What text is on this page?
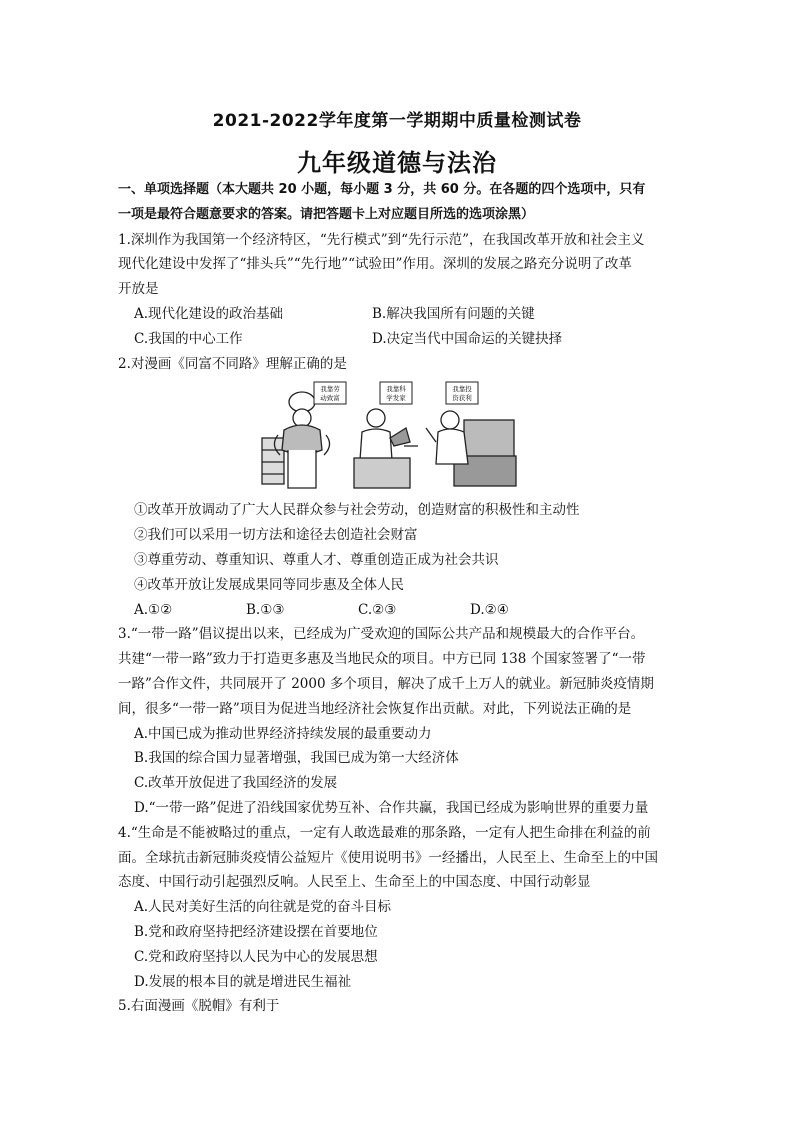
2021-2022学年度第一学期期中质量检测试卷
九年级道德与法治

一、单项选择题（本大题共 20 小题，每小题 3 分，共 60 分。在各题的四个选项中，只有

一项是最符合题意要求的答案。请把答题卡上对应题目所选的选项涂黑）

1.深圳作为我国第一个经济特区，“先行模式”到“先行示范”，在我国改革开放和社会主义

现代化建设中发挥了“排头兵”“先行地”“试验田”作用。深圳的发展之路充分说明了改革

开放是

A.现代化建设的政治基础	B.解决我国所有问题的关键
C.我国的中心工作	D.决定当代中国命运的关键抉择

2.对漫画《同富不同路》理解正确的是

我靠劳
动致富
我靠科
学发家
我靠投
资获利

①改革开放调动了广大人民群众参与社会劳动，创造财富的积极性和主动性

②我们可以采用一切方法和途径去创造社会财富

③尊重劳动、尊重知识、尊重人才、尊重创造正成为社会共识

④改革开放让发展成果同等同步惠及全体人民

A.①②	B.①③	C.②③	D.②④

3.“一带一路”倡议提出以来，已经成为广受欢迎的国际公共产品和规模最大的合作平台。

共建“一带一路”致力于打造更多惠及当地民众的项目。中方已同 138 个国家签署了“一带

一路”合作文件，共同展开了 2000 多个项目，解决了成千上万人的就业。新冠肺炎疫情期

间，很多“一带一路”项目为促进当地经济社会恢复作出贡献。对此，下列说法正确的是

A.中国已成为推动世界经济持续发展的最重要动力

B.我国的综合国力显著增强，我国已成为第一大经济体

C.改革开放促进了我国经济的发展

D.“一带一路”促进了沿线国家优势互补、合作共赢，我国已经成为影响世界的重要力量

4.“生命是不能被略过的重点，一定有人敢选最难的那条路，一定有人把生命排在利益的前

面。全球抗击新冠肺炎疫情公益短片《使用说明书》一经播出，人民至上、生命至上的中国

态度、中国行动引起强烈反响。人民至上、生命至上的中国态度、中国行动彰显

A.人民对美好生活的向往就是党的奋斗目标

B.党和政府坚持把经济建设摆在首要地位

C.党和政府坚持以人民为中心的发展思想

D.发展的根本目的就是增进民生福祉

5.右面漫画《脱帽》有利于
